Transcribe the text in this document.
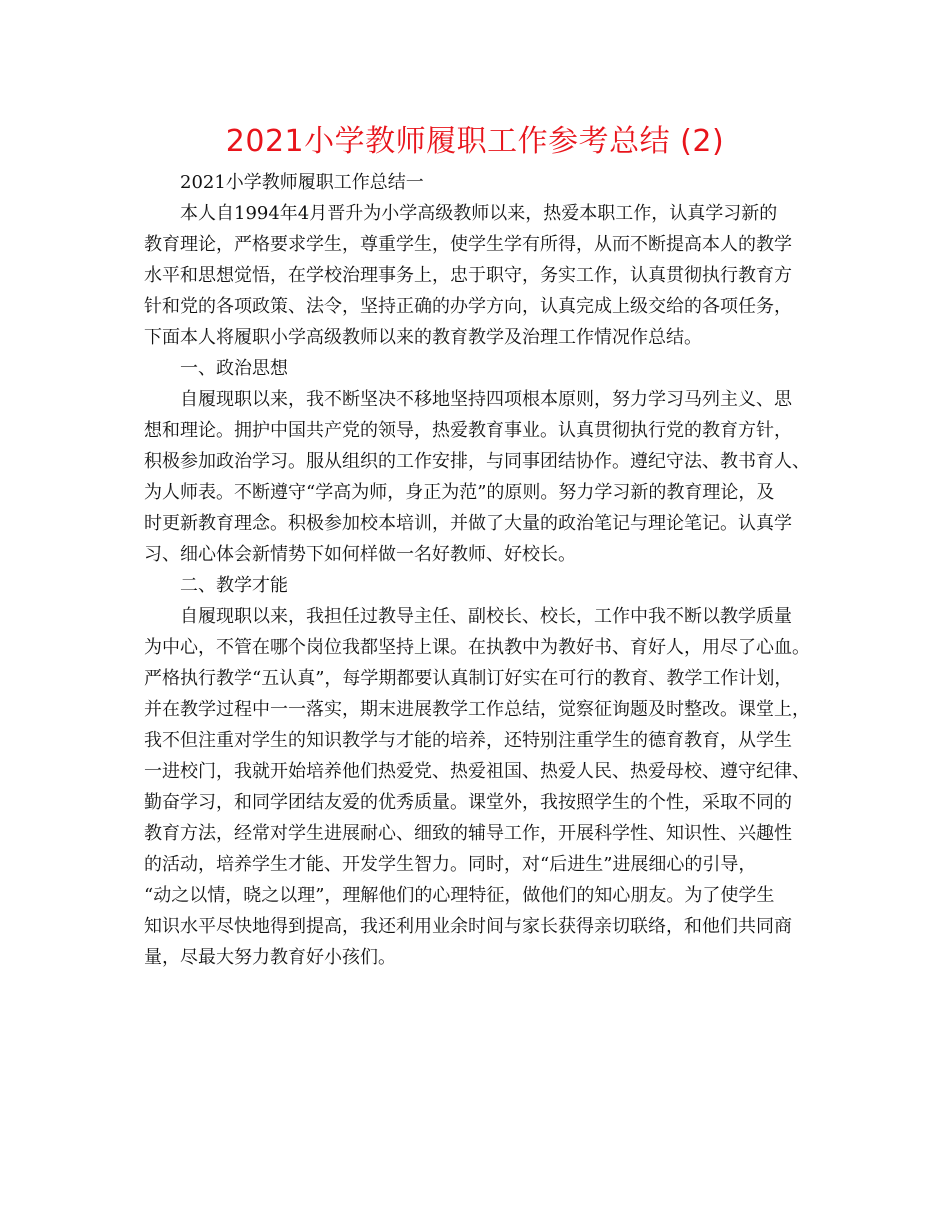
2021小学教师履职工作参考总结 (2)
2021小学教师履职工作总结一
本人自1994年4月晋升为小学高级教师以来，热爱本职工作，认真学习新的
教育理论，严格要求学生，尊重学生，使学生学有所得，从而不断提高本人的教学
水平和思想觉悟，在学校治理事务上，忠于职守，务实工作，认真贯彻执行教育方
针和党的各项政策、法令，坚持正确的办学方向，认真完成上级交给的各项任务，
下面本人将履职小学高级教师以来的教育教学及治理工作情况作总结。
一、政治思想
自履现职以来，我不断坚决不移地坚持四项根本原则，努力学习马列主义、思
想和理论。拥护中国共产党的领导，热爱教育事业。认真贯彻执行党的教育方针，
积极参加政治学习。服从组织的工作安排，与同事团结协作。遵纪守法、教书育人、
为人师表。不断遵守“学高为师，身正为范”的原则。努力学习新的教育理论，及
时更新教育理念。积极参加校本培训，并做了大量的政治笔记与理论笔记。认真学
习、细心体会新情势下如何样做一名好教师、好校长。
二、教学才能
自履现职以来，我担任过教导主任、副校长、校长，工作中我不断以教学质量
为中心，不管在哪个岗位我都坚持上课。在执教中为教好书、育好人，用尽了心血。
严格执行教学“五认真”，每学期都要认真制订好实在可行的教育、教学工作计划，
并在教学过程中一一落实，期末进展教学工作总结，觉察征询题及时整改。课堂上，
我不但注重对学生的知识教学与才能的培养，还特别注重学生的德育教育，从学生
一进校门，我就开始培养他们热爱党、热爱祖国、热爱人民、热爱母校、遵守纪律、
勤奋学习，和同学团结友爱的优秀质量。课堂外，我按照学生的个性，采取不同的
教育方法，经常对学生进展耐心、细致的辅导工作，开展科学性、知识性、兴趣性
的活动，培养学生才能、开发学生智力。同时，对“后进生”进展细心的引导，
“动之以情，晓之以理”，理解他们的心理特征，做他们的知心朋友。为了使学生
知识水平尽快地得到提高，我还利用业余时间与家长获得亲切联络，和他们共同商
量，尽最大努力教育好小孩们。
